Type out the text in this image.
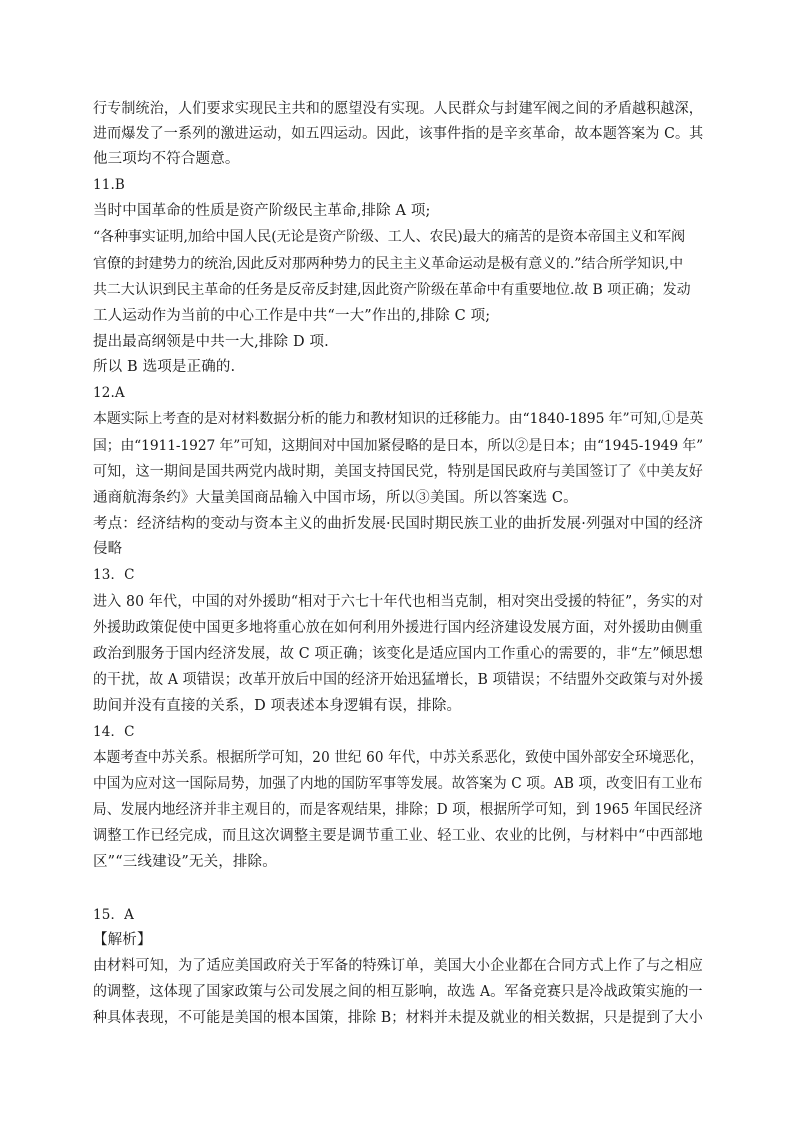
行专制统治，人们要求实现民主共和的愿望没有实现。人民群众与封建军阀之间的矛盾越积越深，
进而爆发了一系列的激进运动，如五四运动。因此，该事件指的是辛亥革命，故本题答案为 C。其
他三项均不符合题意。
11.B
当时中国革命的性质是资产阶级民主革命,排除 A 项;
“各种事实证明,加给中国人民(无论是资产阶级、工人、农民)最大的痛苦的是资本帝国主义和军阀
官僚的封建势力的统治,因此反对那两种势力的民主主义革命运动是极有意义的.”结合所学知识,中
共二大认识到民主革命的任务是反帝反封建,因此资产阶级在革命中有重要地位.故 B 项正确；发动
工人运动作为当前的中心工作是中共“一大”作出的,排除 C 项;
提出最高纲领是中共一大,排除 D 项.
所以 B 选项是正确的.
12.A
本题实际上考查的是对材料数据分析的能力和教材知识的迁移能力。由“1840-1895 年”可知,①是英
国；由“1911-1927 年”可知，这期间对中国加紧侵略的是日本，所以②是日本；由“1945-1949 年”
可知，这一期间是国共两党内战时期，美国支持国民党，特别是国民政府与美国签订了《中美友好
通商航海条约》大量美国商品输入中国市场，所以③美国。所以答案选 C。
考点：经济结构的变动与资本主义的曲折发展·民国时期民族工业的曲折发展·列强对中国的经济
侵略
13．C
进入 80 年代，中国的对外援助“相对于六七十年代也相当克制，相对突出受援的特征”，务实的对
外援助政策促使中国更多地将重心放在如何利用外援进行国内经济建设发展方面，对外援助由侧重
政治到服务于国内经济发展，故 C 项正确；该变化是适应国内工作重心的需要的，非“左”倾思想
的干扰，故 A 项错误；改革开放后中国的经济开始迅猛增长，B 项错误；不结盟外交政策与对外援
助间并没有直接的关系，D 项表述本身逻辑有误，排除。
14．C
本题考查中苏关系。根据所学可知，20 世纪 60 年代，中苏关系恶化，致使中国外部安全环境恶化，
中国为应对这一国际局势，加强了内地的国防军事等发展。故答案为 C 项。AB 项，改变旧有工业布
局、发展内地经济并非主观目的，而是客观结果，排除；D 项，根据所学可知，到 1965 年国民经济
调整工作已经完成，而且这次调整主要是调节重工业、轻工业、农业的比例，与材料中“中西部地
区”“三线建设”无关，排除。
15．A
【解析】
由材料可知，为了适应美国政府关于军备的特殊订单，美国大小企业都在合同方式上作了与之相应
的调整，这体现了国家政策与公司发展之间的相互影响，故选 A。军备竞赛只是冷战政策实施的一
种具体表现，不可能是美国的根本国策，排除 B；材料并未提及就业的相关数据，只是提到了大小
